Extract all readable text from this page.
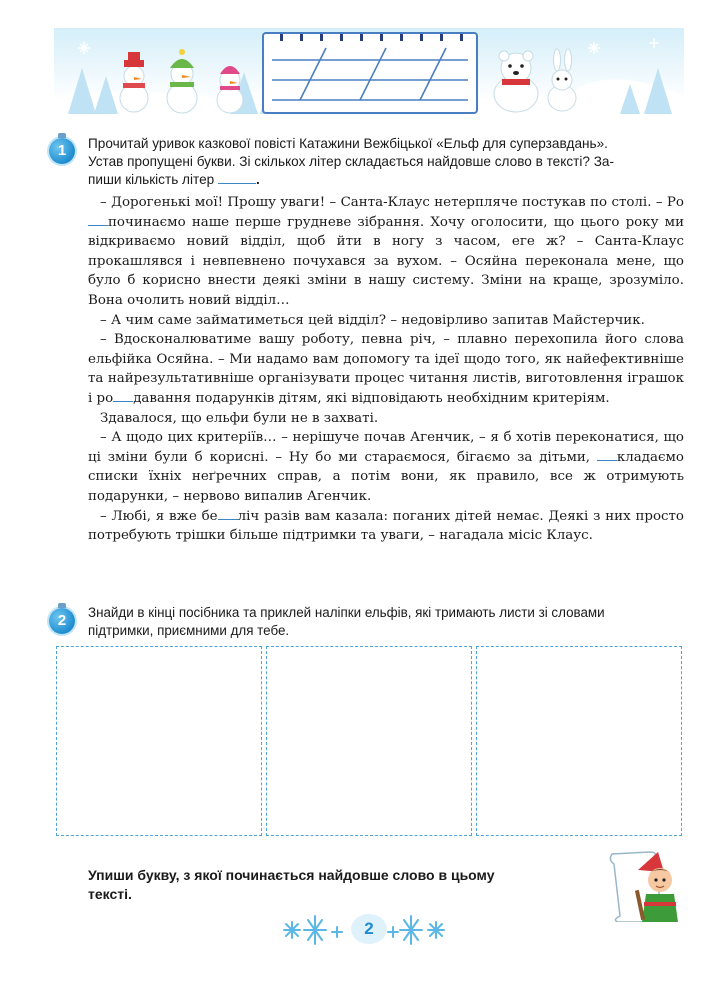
1	Прочитай уривок казкової повісті Катажини Вежбіцької «Ельф для суперзавдань».
Устав пропущені букви. Зі скількох літер складається найдовше слово в тексті? За-
пиши кількість літер	.

– Дорогенькі мої! Прошу уваги! – Санта-Клаус нетерпляче постукав по столі. – Ропочинаємо наше перше грудневе зібрання. Хочу оголосити, що цього року ми відкриваємо новий відділ, щоб йти в ногу з часом, еге ж? – Санта-Клаус прокашлявся і невпевнено почухався за вухом. – Осяйна переконала мене, що було б корисно внести деякі зміни в нашу систему. Зміни на краще, зрозуміло. Вона очолить новий відділ…

– А чим саме займатиметься цей відділ? – недовірливо запитав Майстерчик.

– Вдосконалюватиме вашу роботу, певна річ, – плавно перехопила його слова ельфійка Осяйна. – Ми надамо вам допомогу та ідеї щодо того, як найефективніше та найрезультативніше організувати процес читання листів, виготовлення іграшок і ро давання подарунків дітям, які відповідають необхідним критеріям.

Здавалося, що ельфи були не в захваті.

– А щодо цих критеріїв… – нерішуче почав Агенчик, – я б хотів переконатися, що ці зміни були б корисні. – Ну бо ми стараємося, бігаємо за дітьми, кладаємо списки їхніх неґречних справ, а потім вони, як правило, все ж отримують подарунки, – нервово випалив Агенчик.

– Любі, я вже бе ліч разів вам казала: поганих дітей немає. Деякі з них просто потребують трішки більше підтримки та уваги, – нагадала місіс Клаус.

2	Знайди в кінці посібника та приклей наліпки ельфів, які тримають листи зі словами
підтримки, приємними для тебе.
Упиши букву, з якої починається найдовше слово в цьому
тексті.
2
